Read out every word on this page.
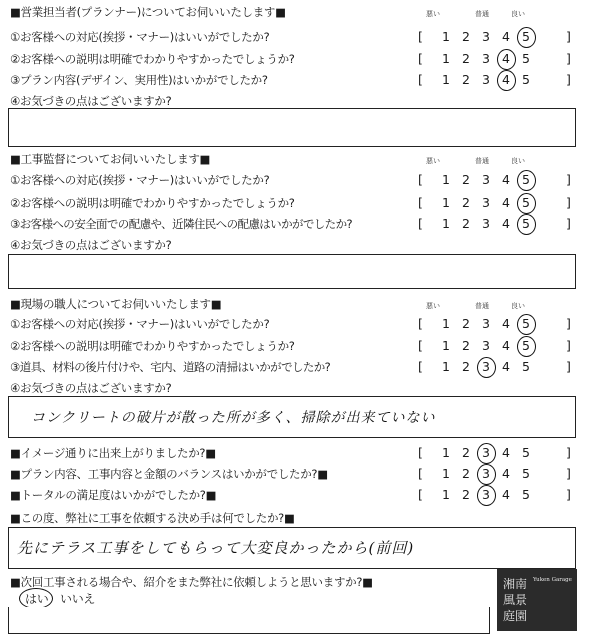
■営業担当者(プランナー)についてお伺いいたします■	悪い	普通	良い
①お客様への対応(挨拶・マナー)はいいがでしたか?	[ 1 2 3 4 5	]
②お客様への説明は明確でわかりやすかったでしょうか?	[ 1 2 3 4 5	]
③プラン内容(デザイン、実用性)はいかがでしたか?	[ 1 2 3 4 5	]
④お気づきの点はございますか?
■工事監督についてお伺いいたします■	悪い	普通	良い
①お客様への対応(挨拶・マナー)はいいがでしたか?	[ 1 2 3 4 5	]
②お客様への説明は明確でわかりやすかったでしょうか?	[ 1 2 3 4 5	]
③お客様への安全面での配慮や、近隣住民への配慮はいかがでしたか?	[ 1 2 3 4 5	]
④お気づきの点はございますか?
■現場の職人についてお伺いいたします■	悪い	普通	良い
①お客様への対応(挨拶・マナー)はいいがでしたか?	[ 1 2 3 4 5	]
②お客様への説明は明確でわかりやすかったでしょうか?	[ 1 2 3 4 5	]
③道具、材料の後片付けや、宅内、道路の清掃はいかがでしたか?	[ 1 2 3 4 5	]
④お気づきの点はございますか?
コンクリートの破片が散った所が多く、掃除が出来ていない
■イメージ通りに出来上がりましたか?■	[ 1 2 3 4 5	]
■プラン内容、工事内容と金額のバランスはいかがでしたか?■	[ 1 2 3 4 5	]
■トータルの満足度はいかがでしたか?■	[ 1 2 3 4 5	]
■この度、弊社に工事を依頼する決め手は何でしたか?■
先にテラス工事をしてもらって大変良かったから(前回)
■次回工事される場合や、紹介をまた弊社に依頼しようと思いますか?■
はい いいえ
湘南
風景
庭園
Yuken Garage
